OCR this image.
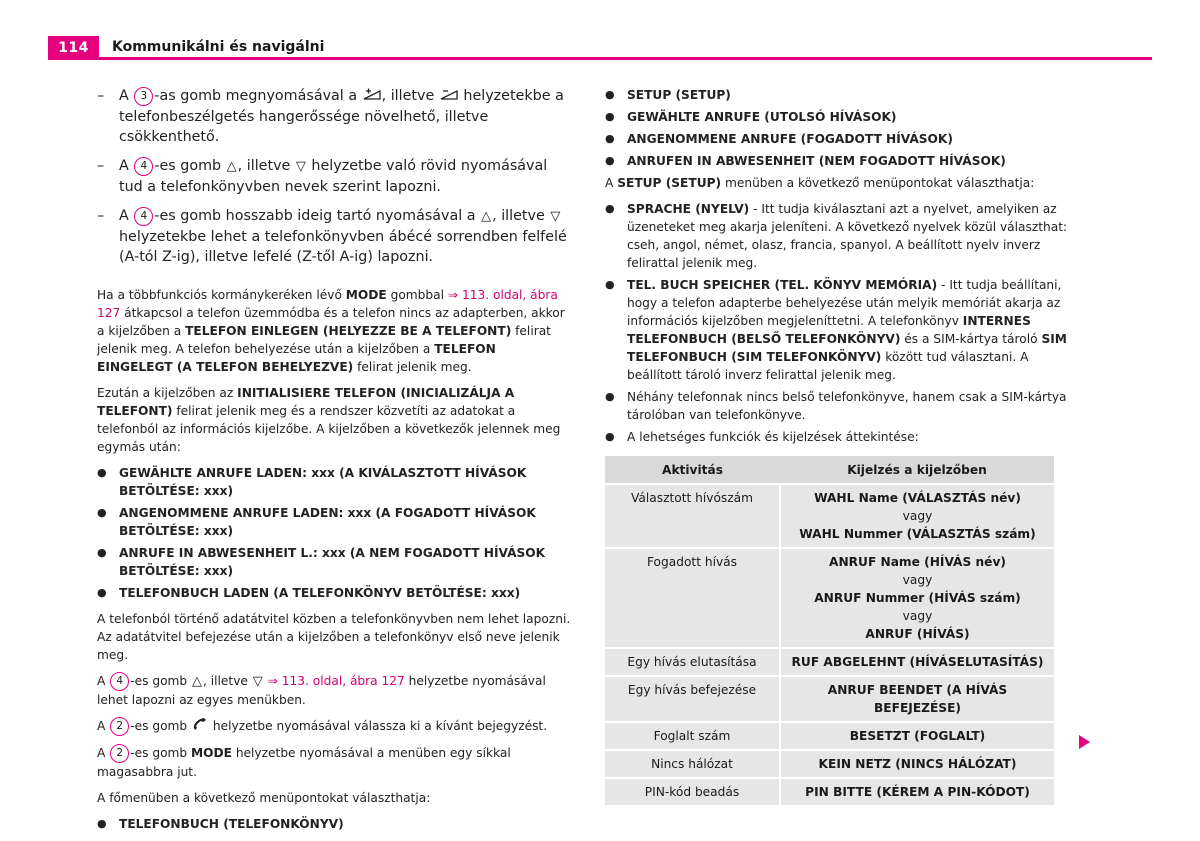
114	Kommunikálni és navigálni
– A 3 -as gomb megnyomásával a , illetve helyzetekbe a telefonbeszélgetés hangerőssége növelhető, illetve csökkenthető.
– A 4 -es gomb △, illetve ▽ helyzetbe való rövid nyomásával tud a telefonkönyvben nevek szerint lapozni.
– A 4 -es gomb hosszabb ideig tartó nyomásával a △, illetve ▽ helyzetekbe lehet a telefonkönyvben ábécé sorrendben felfelé (A-tól Z-ig), illetve lefelé (Z-től A-ig) lapozni.

Ha a többfunkciós kormánykeréken lévő MODE gombbal ⇒ 113. oldal, ábra 127 átkapcsol a telefon üzemmódba és a telefon nincs az adapterben, akkor a kijelzőben a TELEFON EINLEGEN (HELYEZZE BE A TELEFONT) felirat jelenik meg. A telefon behelyezése után a kijelzőben a TELEFON EINGELEGT (A TELEFON BEHELYEZVE) felirat jelenik meg.

Ezután a kijelzőben az INITIALISIERE TELEFON (INICIALIZÁLJA A TELEFONT) felirat jelenik meg és a rendszer közvetíti az adatokat a telefonból az információs kijelzőbe. A kijelzőben a következők jelennek meg egymás után:

● GEWÄHLTE ANRUFE LADEN: xxx (A KIVÁLASZTOTT HÍVÁSOK BETÖLTÉSE: xxx)
● ANGENOMMENE ANRUFE LADEN: xxx (A FOGADOTT HÍVÁSOK BETÖLTÉSE: xxx)
● ANRUFE IN ABWESENHEIT L.: xxx (A NEM FOGADOTT HÍVÁSOK BETÖLTÉSE: xxx)
● TELEFONBUCH LADEN (A TELEFONKÖNYV BETÖLTÉSE: xxx)

A telefonból történő adatátvitel közben a telefonkönyvben nem lehet lapozni. Az adatátvitel befejezése után a kijelzőben a telefonkönyv első neve jelenik meg.

A 4 -es gomb △, illetve ▽ ⇒ 113. oldal, ábra 127 helyzetbe nyomásával lehet lapozni az egyes menükben.

A 2 -es gomb helyzetbe nyomásával válassza ki a kívánt bejegyzést.

A 2 -es gomb MODE helyzetbe nyomásával a menüben egy síkkal magasabbra jut.

A főmenüben a következő menüpontokat választhatja:

● TELEFONBUCH (TELEFONKÖNYV)
● SETUP (SETUP)
● GEWÄHLTE ANRUFE (UTOLSÓ HÍVÁSOK)
● ANGENOMMENE ANRUFE (FOGADOTT HÍVÁSOK)
● ANRUFEN IN ABWESENHEIT (NEM FOGADOTT HÍVÁSOK)

A SETUP (SETUP) menüben a következő menüpontokat választhatja:

● SPRACHE (NYELV) - Itt tudja kiválasztani azt a nyelvet, amelyiken az üzeneteket meg akarja jeleníteni. A következő nyelvek közül választhat: cseh, angol, német, olasz, francia, spanyol. A beállított nyelv inverz felirattal jelenik meg.
● TEL. BUCH SPEICHER (TEL. KÖNYV MEMÓRIA) - Itt tudja beállítani, hogy a telefon adapterbe behelyezése után melyik memóriát akarja az információs kijelzőben megjeleníttetni. A telefonkönyv INTERNES TELEFONBUCH (BELSŐ TELEFONKÖNYV) és a SIM-kártya tároló SIM TELEFONBUCH (SIM TELEFONKÖNYV) között tud választani. A beállított tároló inverz felirattal jelenik meg.
● Néhány telefonnak nincs belső telefonkönyve, hanem csak a SIM-kártya tárolóban van telefonkönyve.
● A lehetséges funkciók és kijelzések áttekintése:
Aktivitás	Kijelzés a kijelzőben
Választott hívószám	WAHL Name (VÁLASZTÁS név)
vagy
WAHL Nummer (VÁLASZTÁS szám)

Fogadott hívás	ANRUF Name (HÍVÁS név)
vagy
ANRUF Nummer (HÍVÁS szám)
vagy
ANRUF (HÍVÁS)

Egy hívás elutasítása	RUF ABGELEHNT (HÍVÁSELUTASÍTÁS)
Egy hívás befejezése	ANRUF BEENDET (A HÍVÁS BEFEJEZÉSE)
Foglalt szám	BESETZT (FOGLALT)
Nincs hálózat	KEIN NETZ (NINCS HÁLÓZAT)
PIN-kód beadás	PIN BITTE (KÉREM A PIN-KÓDOT)
